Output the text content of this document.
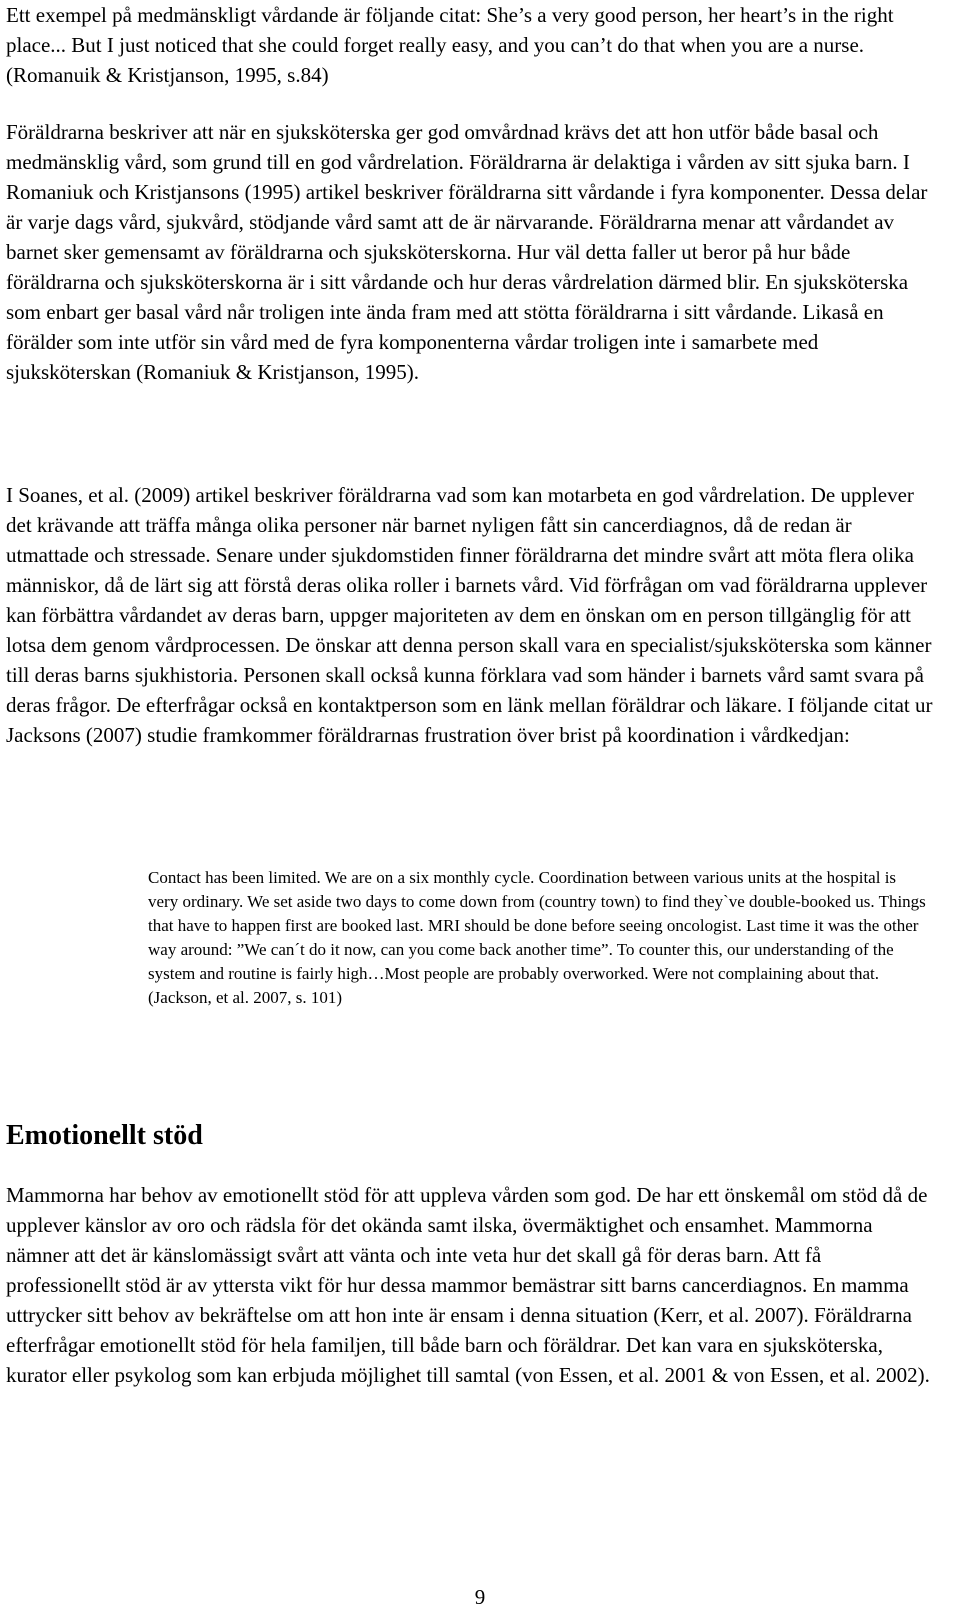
Ett exempel på medmänskligt vårdande är följande citat: She’s a very good person, her heart’s in the right place... But I just noticed that she could forget really easy, and you can’t do that when you are a nurse. (Romanuik & Kristjanson, 1995, s.84)

Föräldrarna beskriver att när en sjuksköterska ger god omvårdnad krävs det att hon utför både basal och medmänsklig vård, som grund till en god vårdrelation. Föräldrarna är delaktiga i vården av sitt sjuka barn. I Romaniuk och Kristjansons (1995) artikel beskriver föräldrarna sitt vårdande i fyra komponenter. Dessa delar är varje dags vård, sjukvård, stödjande vård samt att de är närvarande. Föräldrarna menar att vårdandet av barnet sker gemensamt av föräldrarna och sjuksköterskorna. Hur väl detta faller ut beror på hur både föräldrarna och sjuksköterskorna är i sitt vårdande och hur deras vårdrelation därmed blir. En sjuksköterska som enbart ger basal vård når troligen inte ända fram med att stötta föräldrarna i sitt vårdande. Likaså en förälder som inte utför sin vård med de fyra komponenterna vårdar troligen inte i samarbete med sjuksköterskan (Romaniuk & Kristjanson, 1995).

I Soanes, et al. (2009) artikel beskriver föräldrarna vad som kan motarbeta en god vårdrelation. De upplever det krävande att träffa många olika personer när barnet nyligen fått sin cancerdiagnos, då de redan är utmattade och stressade. Senare under sjukdomstiden finner föräldrarna det mindre svårt att möta flera olika människor, då de lärt sig att förstå deras olika roller i barnets vård. Vid förfrågan om vad föräldrarna upplever kan förbättra vårdandet av deras barn, uppger majoriteten av dem en önskan om en person tillgänglig för att lotsa dem genom vårdprocessen. De önskar att denna person skall vara en specialist/sjuksköterska som känner till deras barns sjukhistoria. Personen skall också kunna förklara vad som händer i barnets vård samt svara på deras frågor. De efterfrågar också en kontaktperson som en länk mellan föräldrar och läkare. I följande citat ur Jacksons (2007) studie framkommer föräldrarnas frustration över brist på koordination i vårdkedjan:

Contact has been limited. We are on a six monthly cycle. Coordination between various units at the hospital is very ordinary. We set aside two days to come down from (country town) to find they`ve double-booked us. Things that have to happen first are booked last. MRI should be done before seeing oncologist. Last time it was the other way around: ”We can´t do it now, can you come back another time”. To counter this, our understanding of the system and routine is fairly high…Most people are probably overworked. Were not complaining about that. (Jackson, et al. 2007, s. 101)

Emotionellt stöd

Mammorna har behov av emotionellt stöd för att uppleva vården som god. De har ett önskemål om stöd då de upplever känslor av oro och rädsla för det okända samt ilska, övermäktighet och ensamhet. Mammorna nämner att det är känslomässigt svårt att vänta och inte veta hur det skall gå för deras barn. Att få professionellt stöd är av yttersta vikt för hur dessa mammor bemästrar sitt barns cancerdiagnos. En mamma uttrycker sitt behov av bekräftelse om att hon inte är ensam i denna situation (Kerr, et al. 2007). Föräldrarna efterfrågar emotionellt stöd för hela familjen, till både barn och föräldrar. Det kan vara en sjuksköterska, kurator eller psykolog som kan erbjuda möjlighet till samtal (von Essen, et al. 2001 & von Essen, et al. 2002).

9
